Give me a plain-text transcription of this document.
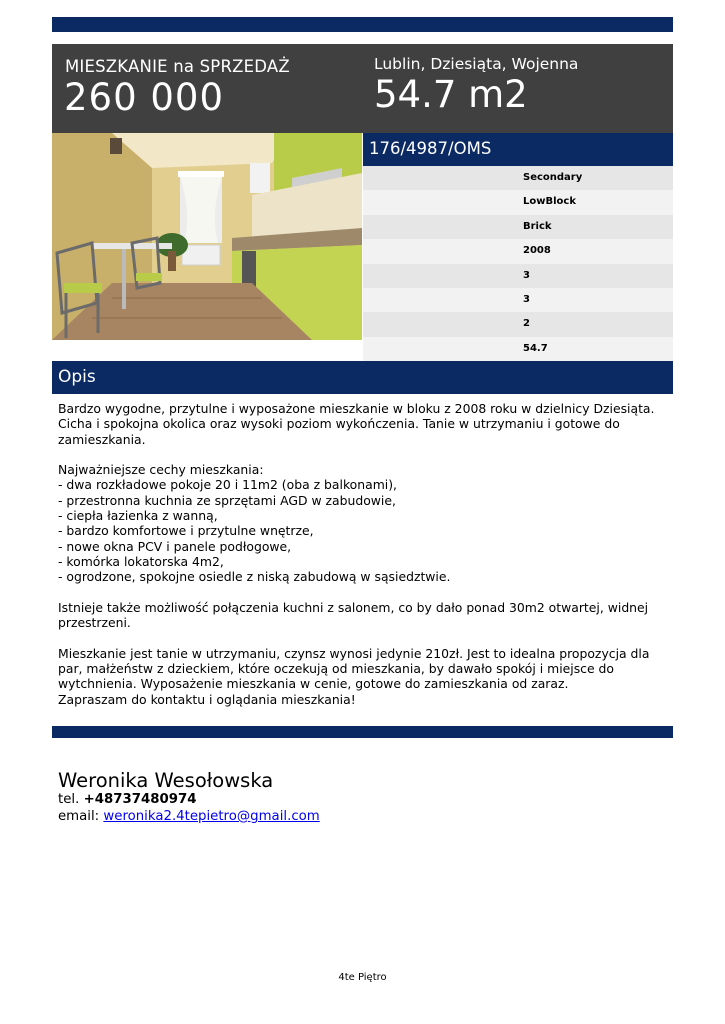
MIESZKANIE na SPRZEDAŻ
260 000
Lublin, Dziesiąta, Wojenna
54.7 m2
176/4987/OMS
Secondary
LowBlock
Brick
2008
3
3
2
54.7
Opis
Bardzo wygodne, przytulne i wyposażone mieszkanie w bloku z 2008 roku w dzielnicy Dziesiąta. Cicha i spokojna okolica oraz wysoki poziom wykończenia. Tanie w utrzymaniu i gotowe do zamieszkania.

Najważniejsze cechy mieszkania:
- dwa rozkładowe pokoje 20 i 11m2 (oba z balkonami),
- przestronna kuchnia ze sprzętami AGD w zabudowie,
- ciepła łazienka z wanną,
- bardzo komfortowe i przytulne wnętrze,
- nowe okna PCV i panele podłogowe,
- komórka lokatorska 4m2,
- ogrodzone, spokojne osiedle z niską zabudową w sąsiedztwie.

Istnieje także możliwość połączenia kuchni z salonem, co by dało ponad 30m2 otwartej, widnej przestrzeni.

Mieszkanie jest tanie w utrzymaniu, czynsz wynosi jedynie 210zł. Jest to idealna propozycja dla par, małżeństw z dzieckiem, które oczekują od mieszkania, by dawało spokój i miejsce do wytchnienia. Wyposażenie mieszkania w cenie, gotowe do zamieszkania od zaraz.
Zapraszam do kontaktu i oglądania mieszkania!
Weronika Wesołowska
tel. +48737480974
email: weronika2.4tepietro@gmail.com
4te Piętro
